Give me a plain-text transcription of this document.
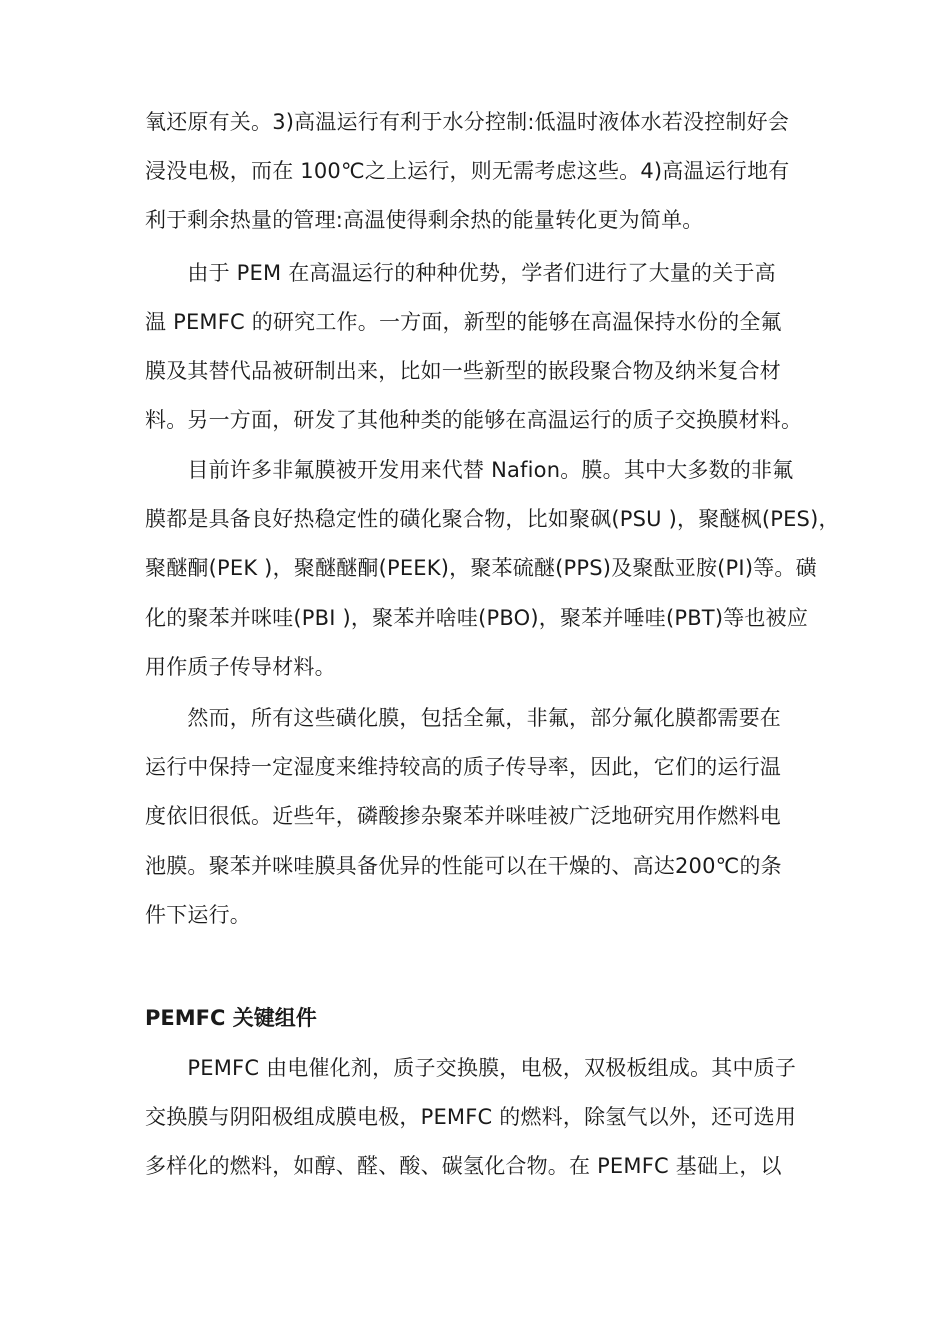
氧还原有关。3)高温运行有利于水分控制:低温时液体水若没控制好会
浸没电极，而在 100℃之上运行，则无需考虑这些。4)高温运行地有
利于剩余热量的管理:高温使得剩余热的能量转化更为简单。
　　由于 PEM 在高温运行的种种优势，学者们进行了大量的关于高
温 PEMFC 的研究工作。一方面，新型的能够在高温保持水份的全氟
膜及其替代品被研制出来，比如一些新型的嵌段聚合物及纳米复合材
料。另一方面，研发了其他种类的能够在高温运行的质子交换膜材料。
　　目前许多非氟膜被开发用来代替 Nafion。膜。其中大多数的非氟
膜都是具备良好热稳定性的磺化聚合物，比如聚砜(PSU )，聚醚枫(PES)，
聚醚酮(PEK )，聚醚醚酮(PEEK)，聚苯硫醚(PPS)及聚酞亚胺(PI)等。磺
化的聚苯并咪哇(PBI )，聚苯并啥哇(PBO)，聚苯并唾哇(PBT)等也被应
用作质子传导材料。
　　然而，所有这些磺化膜，包括全氟，非氟，部分氟化膜都需要在
运行中保持一定湿度来维持较高的质子传导率，因此，它们的运行温
度依旧很低。近些年，磷酸掺杂聚苯并咪哇被广泛地研究用作燃料电
池膜。聚苯并咪哇膜具备优异的性能可以在干燥的、高达200℃的条
件下运行。
PEMFC 关键组件
　　PEMFC 由电催化剂，质子交换膜，电极，双极板组成。其中质子
交换膜与阴阳极组成膜电极，PEMFC 的燃料，除氢气以外，还可选用
多样化的燃料，如醇、醛、酸、碳氢化合物。在 PEMFC 基础上，以
